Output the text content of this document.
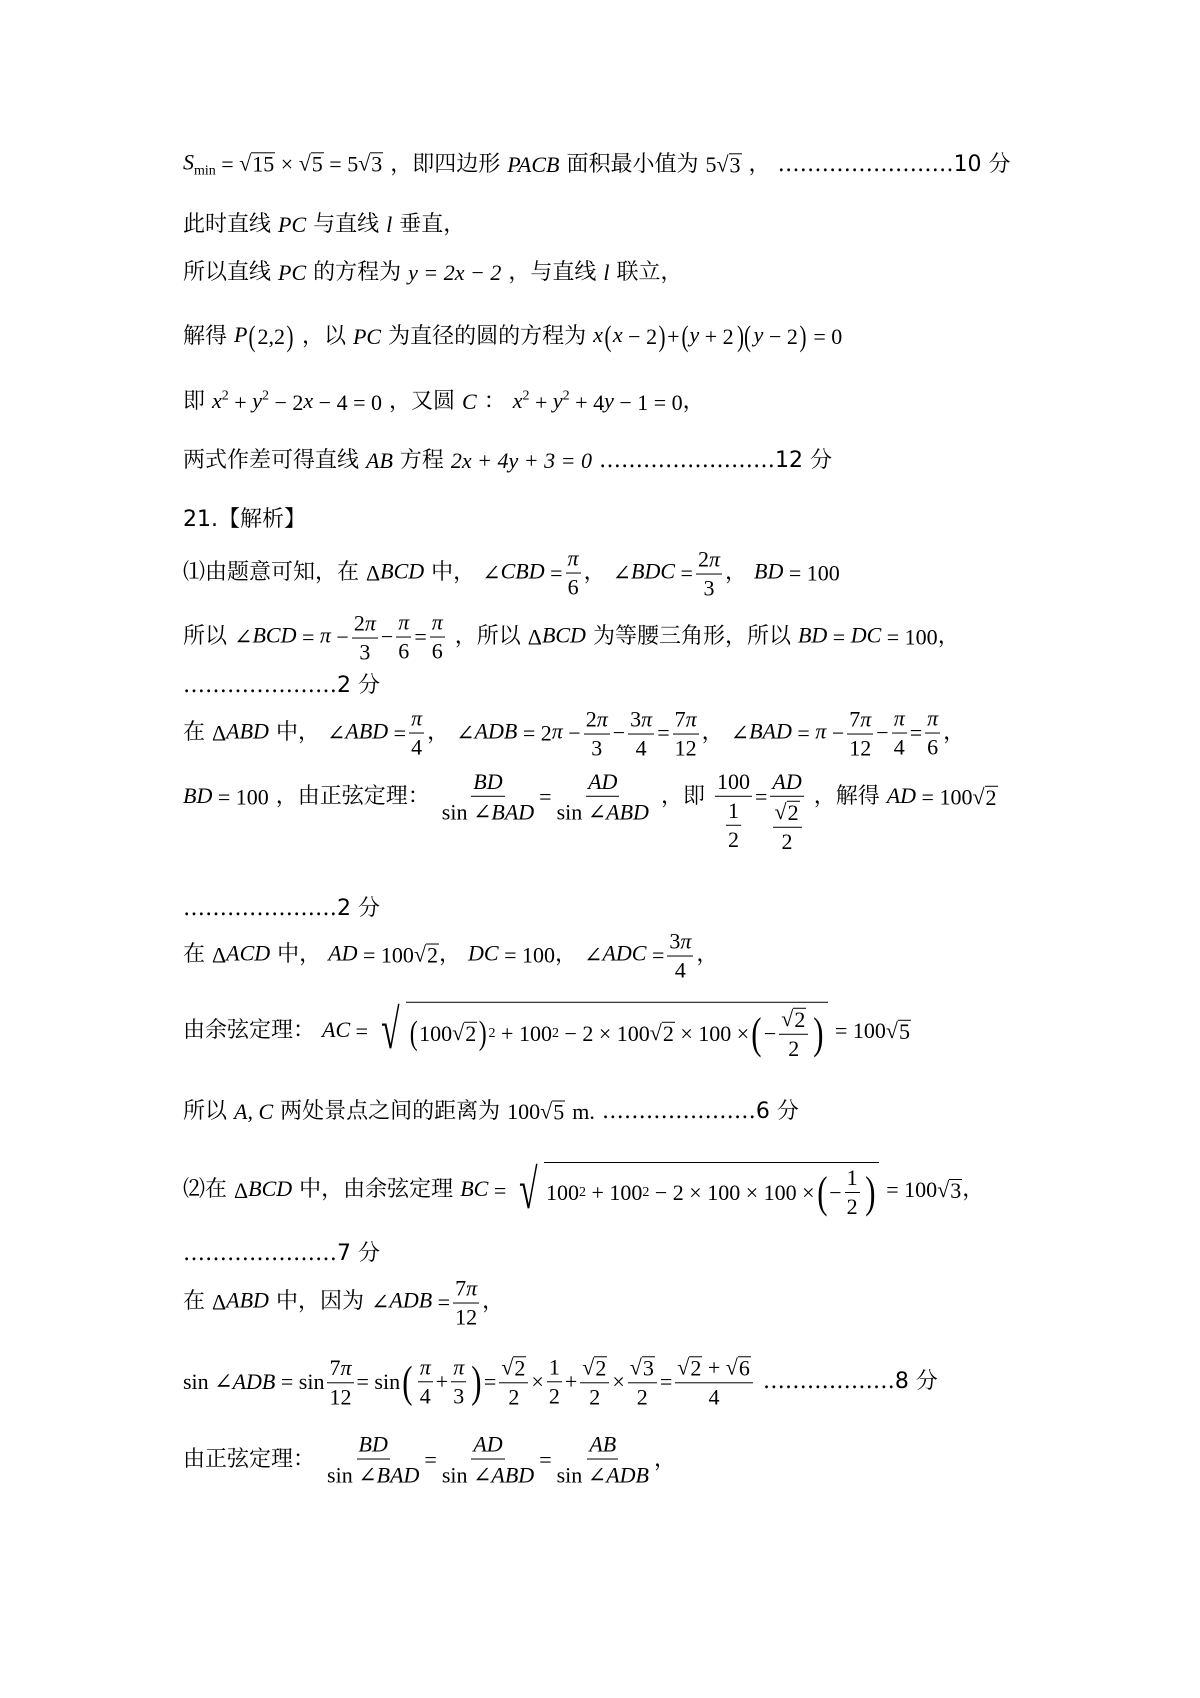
$S_{min}$ = √ 15 × √ 5 = 5 √ 3 ，即四边形 PACB 面积最小值为 5 √ 3 ， ……………………10 分
此时直线 PC 与直线 l 垂直，
所以直线 PC 的方程为 y = 2x − 2 ，与直线 l 联立，
解得 P(2,2) ，以 PC 为直径的圆的方程为 x(x − 2)+(y + 2)( y − 2) = 0
即 $x^2 + y^2 - 2x - 4 = 0$ ，又圆 C ： $x^2 + y^2 + 4y - 1 = 0$，
两式作差可得直线 AB 方程 2x + 4y + 3 = 0 ……………………12 分
21.【解析】
⑴由题意可知，在 ΔBCD 中， ∠CBD = $\frac{\pi}{6}$ ， ∠BDC = $\frac{2\pi}{3}$ ， BD = 100
所以 ∠BCD = $\pi - \frac{2\pi}{3} - \frac{\pi}{6} = \frac{\pi}{6}$ ，所以 ΔBCD 为等腰三角形，所以 BD = DC = 100，
…………………2 分
在 ΔABD 中， ∠ABD = $\frac{\pi}{4}$ ， ∠ADB = $2\pi - \frac{2\pi}{3} - \frac{3\pi}{4} = \frac{7\pi}{12}$ ， ∠BAD = $\pi - \frac{7\pi}{12} - \frac{\pi}{4} = \frac{\pi}{6}$ ，
BD = 100 ，由正弦定理： $\frac{BD}{\text{sin ∠BAD}} = \frac{AD}{\text{sin ∠ABD}}$ ，即 $\frac{100}{\frac{1}{2}} = \frac{AD}{\frac{√ 2}{2}}$ ，解得 AD = 100 √ 2
…………………2 分
在 ΔACD 中， AD = 100 √ 2 ， DC = 100， ∠ADC = $\frac{3\pi}{4}$ ，
由余弦定理： AC = √ ( 100 √ 2 ) 2 + 100 2 − 2 × 100 √ 2 × 100 × ( − $\frac{√ 2}{2}$ ) = 100 √ 5
所以 A, C 两处景点之间的距离为 100 √ 5 m. …………………6 分
⑵在 ΔBCD 中，由余弦定理 BC = √ 100 2 + 100 2 − 2 × 100 × 100 × ( − $\frac{1}{2}$ ) = 100 √ 3 ，
…………………7 分
在 ΔABD 中，因为 ∠ADB = $\frac{7\pi}{12}$ ，
sin ∠ADB = $\sin \frac{7\pi}{12} = \sin( \frac{\pi}{4} + \frac{\pi}{3}$ )= $\frac{√ 2}{2} \times \frac{1}{2} + \frac{√ 2}{2} \times \frac{√ 3}{2} = \frac{√ 2 + √ 6}{4}$ ………………8 分
由正弦定理： $\frac{BD}{\text{sin ∠BAD}} = \frac{AD}{\text{sin ∠ABD}} = \frac{AB}{\text{sin ∠ADB}}$ ，
